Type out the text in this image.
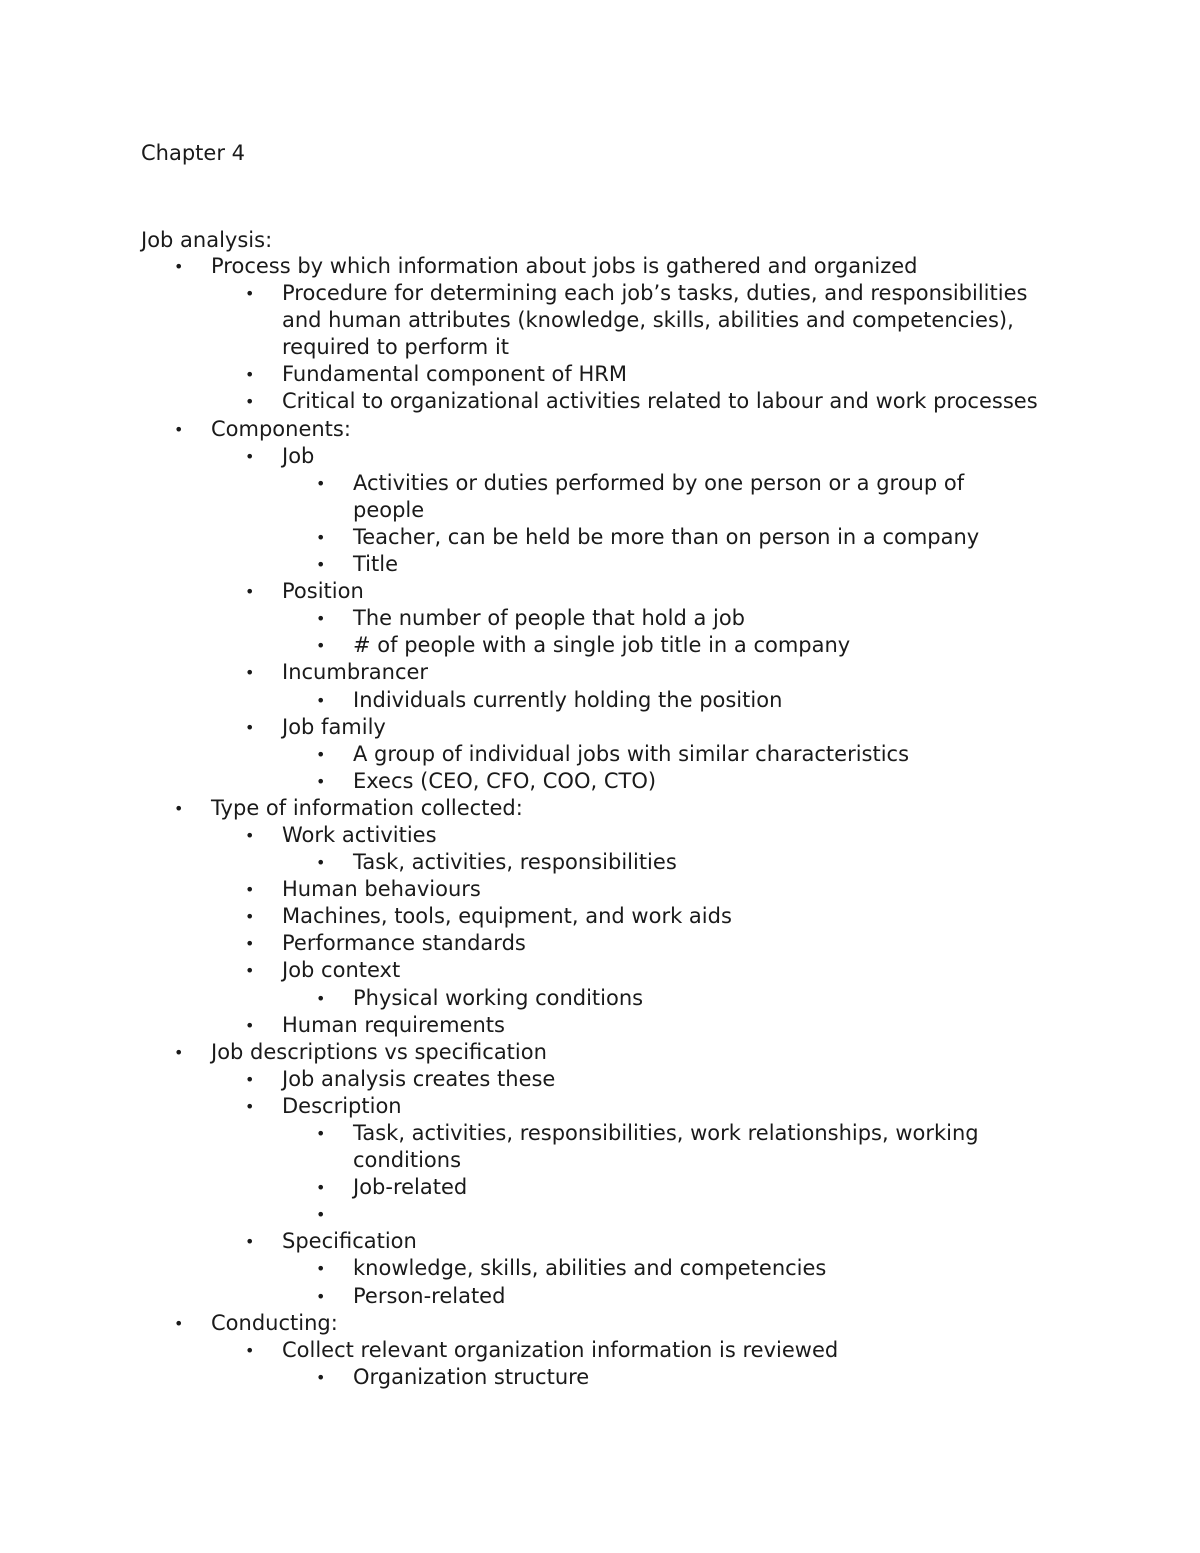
Chapter 4

Job analysis:

• Process by which information about jobs is gathered and organized
• Procedure for determining each job’s tasks, duties, and responsibilities and human attributes (knowledge, skills, abilities and competencies), required to perform it
• Fundamental component of HRM
• Critical to organizational activities related to labour and work processes
• Components:
• Job
• Activities or duties performed by one person or a group of people
• Teacher, can be held be more than on person in a company
• Title
• Position
• The number of people that hold a job
• # of people with a single job title in a company
• Incumbrancer
• Individuals currently holding the position
• Job family
• A group of individual jobs with similar characteristics
• Execs (CEO, CFO, COO, CTO)
• Type of information collected:
• Work activities
• Task, activities, responsibilities
• Human behaviours
• Machines, tools, equipment, and work aids
• Performance standards
• Job context
• Physical working conditions
• Human requirements
• Job descriptions vs specification
• Job analysis creates these
• Description
• Task, activities, responsibilities, work relationships, working conditions
• Job-related
•

• Specification
• knowledge, skills, abilities and competencies
• Person-related
• Conducting:
• Collect relevant organization information is reviewed
• Organization structure
